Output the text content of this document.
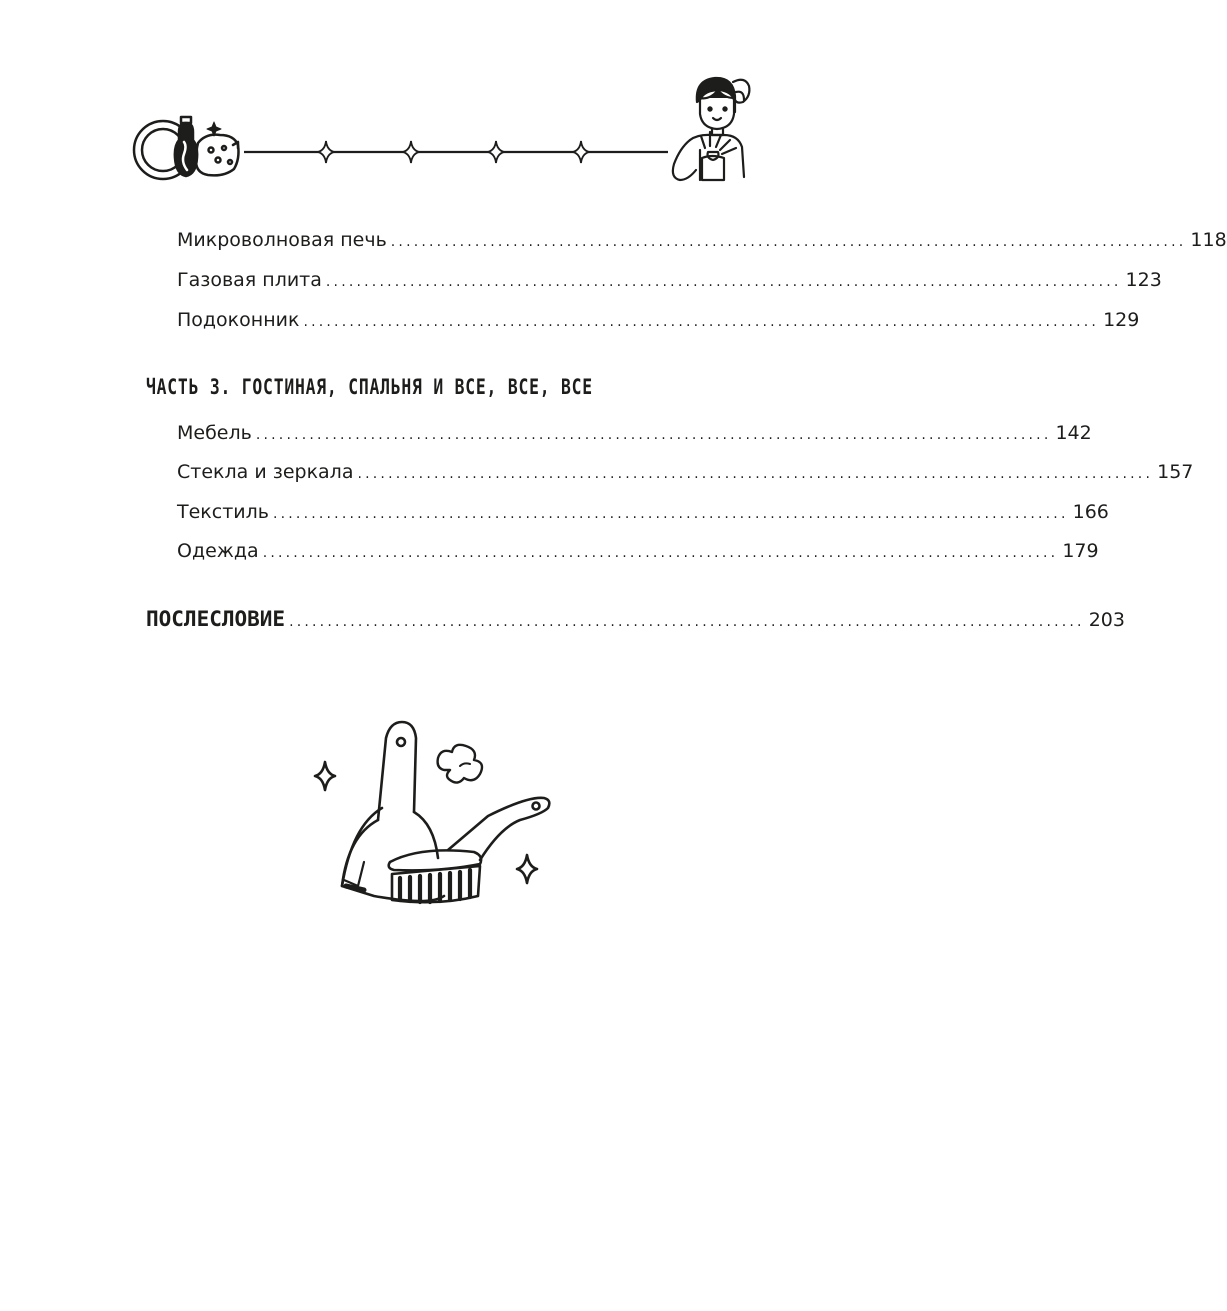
Микроволновая печь ........................................................................................................ 118
Газовая плита ........................................................................................................ 123
Подоконник ........................................................................................................ 129
ЧАСТЬ 3. ГОСТИНАЯ, СПАЛЬНЯ И ВСЕ, ВСЕ, ВСЕ
Мебель ........................................................................................................ 142
Стекла и зеркала ........................................................................................................ 157
Текстиль ........................................................................................................ 166
Одежда ........................................................................................................ 179
ПОСЛЕСЛОВИЕ ........................................................................................................ 203
